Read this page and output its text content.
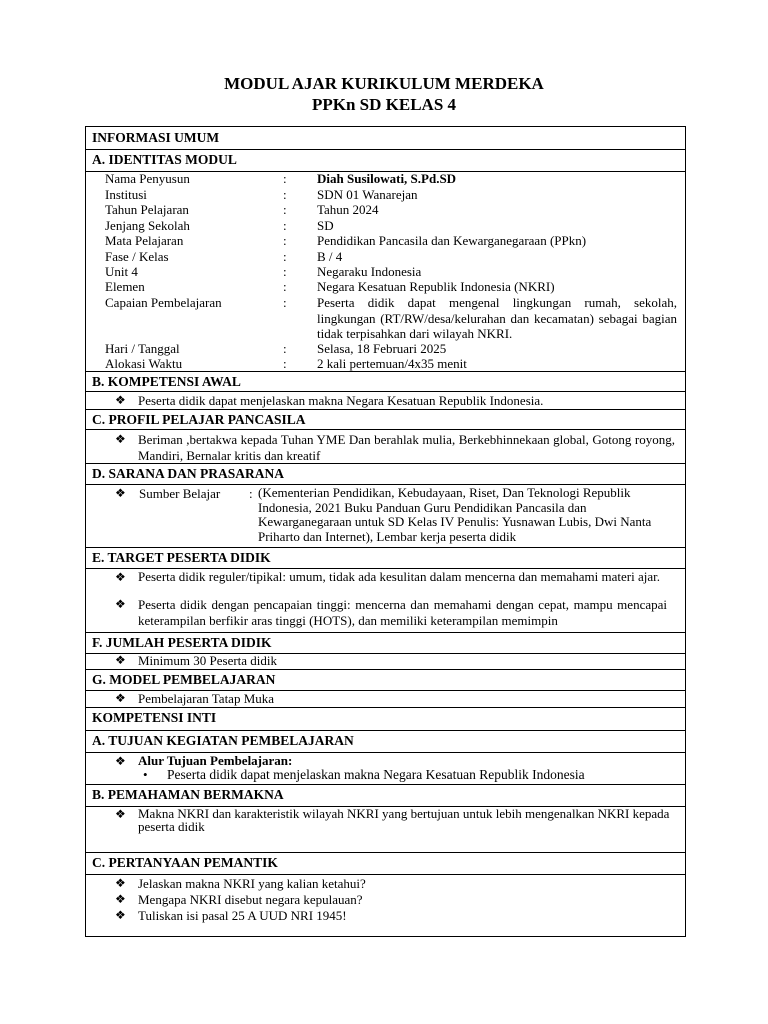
MODUL AJAR KURIKULUM MERDEKA
PPKn SD KELAS 4
INFORMASI UMUM
A. IDENTITAS MODUL
B. KOMPETENSI AWAL
C. PROFIL PELAJAR PANCASILA
D. SARANA DAN PRASARANA
E. TARGET PESERTA DIDIK
F. JUMLAH PESERTA DIDIK
G. MODEL PEMBELAJARAN
KOMPETENSI INTI
A. TUJUAN KEGIATAN PEMBELAJARAN
B. PEMAHAMAN BERMAKNA
C. PERTANYAAN PEMANTIK
Nama Penyusun	: Diah Susilowati, S.Pd.SD
Institusi	: SDN 01 Wanarejan
Tahun Pelajaran	: Tahun 2024
Jenjang Sekolah	: SD
Mata Pelajaran	: Pendidikan Pancasila dan Kewarganegaraan (PPkn)
Fase / Kelas	: B / 4
Unit 4	: Negaraku Indonesia
Elemen	: Negara Kesatuan Republik Indonesia (NKRI)
Capaian Pembelajaran	: Peserta didik dapat mengenal lingkungan rumah, sekolah, lingkungan (RT/RW/desa/kelurahan dan kecamatan) sebagai bagian tidak terpisahkan dari wilayah NKRI.
Hari / Tanggal	: Selasa, 18 Februari 2025
Alokasi Waktu	: 2 kali pertemuan/4x35 menit
❖ Peserta didik dapat menjelaskan makna Negara Kesatuan Republik Indonesia.
❖ Beriman ,bertakwa kepada Tuhan YME Dan berahlak mulia, Berkebhinnekaan global, Gotong royong, Mandiri, Bernalar kritis dan kreatif
❖ Sumber Belajar : (Kementerian Pendidikan, Kebudayaan, Riset, Dan Teknologi Republik Indonesia, 2021 Buku Panduan Guru Pendidikan Pancasila dan Kewarganegaraan untuk SD Kelas IV Penulis: Yusnawan Lubis, Dwi Nanta Priharto dan Internet), Lembar kerja peserta didik
❖ Peserta didik reguler/tipikal: umum, tidak ada kesulitan dalam mencerna dan memahami materi ajar.
❖ Peserta didik dengan pencapaian tinggi: mencerna dan memahami dengan cepat, mampu mencapai keterampilan berfikir aras tinggi (HOTS), dan memiliki keterampilan memimpin
❖ Minimum 30 Peserta didik
❖ Pembelajaran Tatap Muka
❖ Alur Tujuan Pembelajaran:
• Peserta didik dapat menjelaskan makna Negara Kesatuan Republik Indonesia
❖ Makna NKRI dan karakteristik wilayah NKRI yang bertujuan untuk lebih mengenalkan NKRI kepada peserta didik
❖ Jelaskan makna NKRI yang kalian ketahui?
❖ Mengapa NKRI disebut negara kepulauan?
❖ Tuliskan isi pasal 25 A UUD NRI 1945!
